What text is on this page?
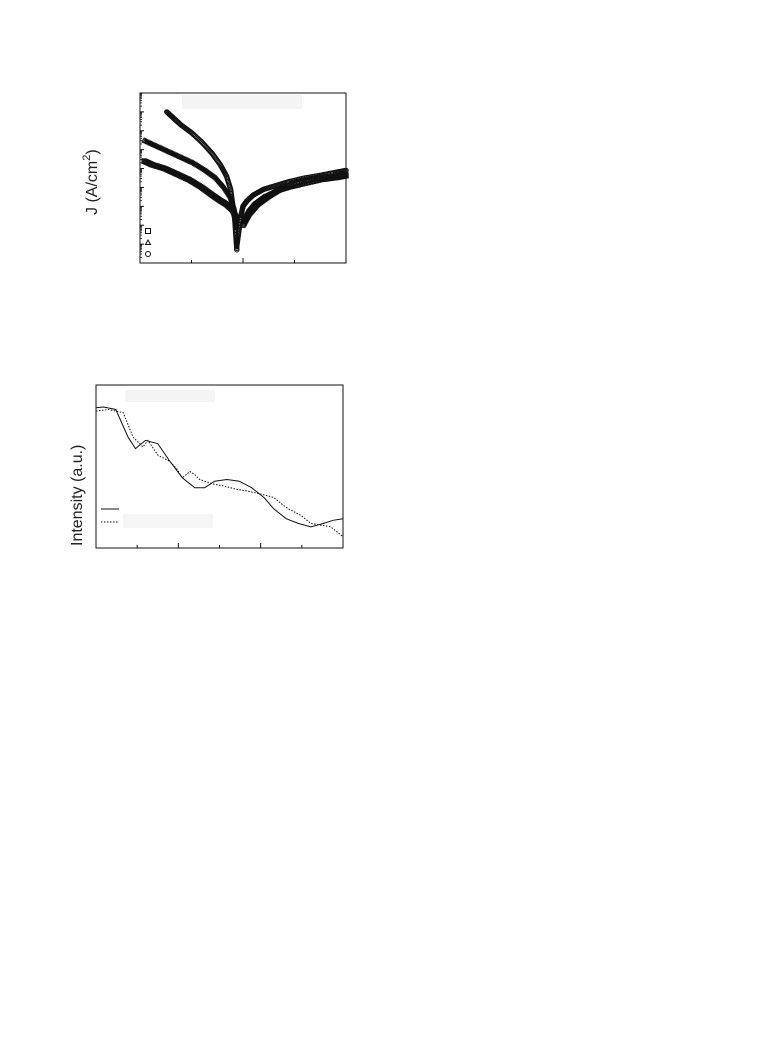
J $(A/cm^2)$
Intensity (a.u.)
